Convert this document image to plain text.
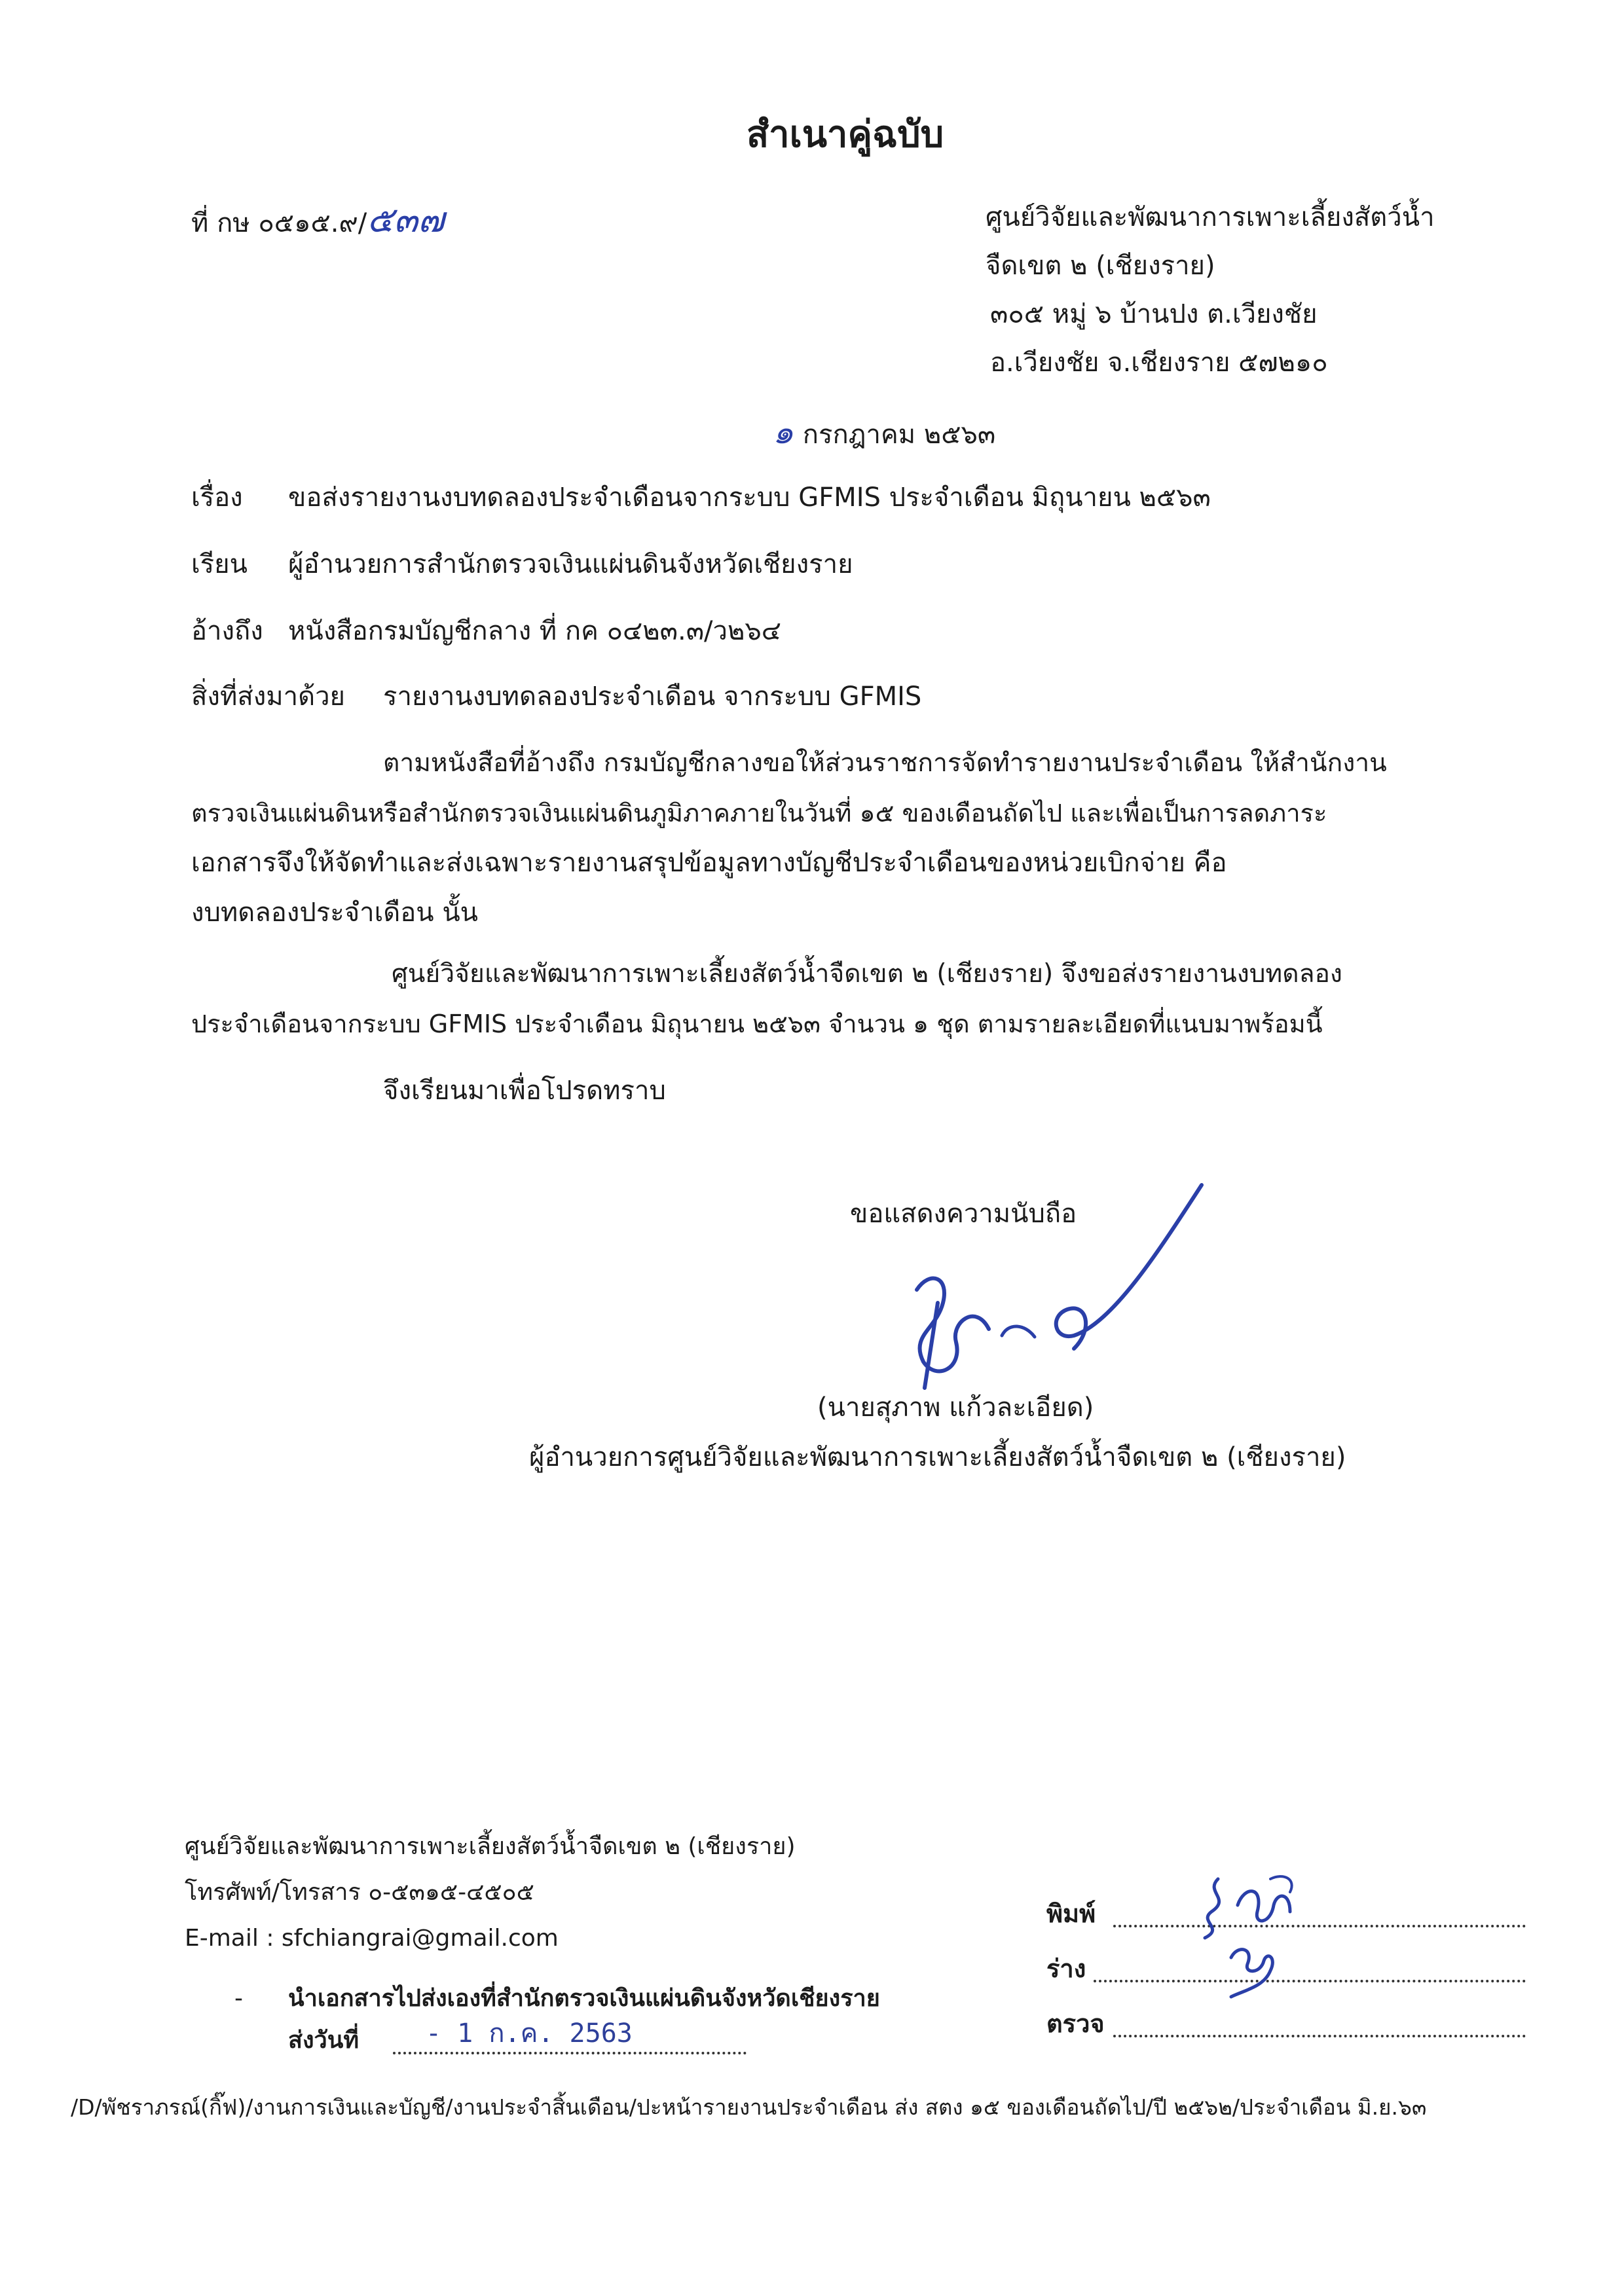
สำเนาคู่ฉบับ
ที่ กษ ๐๕๑๕.๙/๕๓๗	ศูนย์วิจัยและพัฒนาการเพาะเลี้ยงสัตว์น้ำ
จืดเขต ๒ (เชียงราย)
๓๐๕ หมู่ ๖ บ้านปง ต.เวียงชัย
อ.เวียงชัย จ.เชียงราย ๕๗๒๑๐
๑ กรกฎาคม ๒๕๖๓
เรื่อง ขอส่งรายงานงบทดลองประจำเดือนจากระบบ GFMIS ประจำเดือน มิถุนายน ๒๕๖๓
เรียน ผู้อำนวยการสำนักตรวจเงินแผ่นดินจังหวัดเชียงราย
อ้างถึง หนังสือกรมบัญชีกลาง ที่ กค ๐๔๒๓.๓/ว๒๖๔
สิ่งที่ส่งมาด้วย รายงานงบทดลองประจำเดือน จากระบบ GFMIS
ตามหนังสือที่อ้างถึง กรมบัญชีกลางขอให้ส่วนราชการจัดทำรายงานประจำเดือน ให้สำนักงาน
ตรวจเงินแผ่นดินหรือสำนักตรวจเงินแผ่นดินภูมิภาคภายในวันที่ ๑๕ ของเดือนถัดไป และเพื่อเป็นการลดภาระ
เอกสารจึงให้จัดทำและส่งเฉพาะรายงานสรุปข้อมูลทางบัญชีประจำเดือนของหน่วยเบิกจ่าย คือ
งบทดลองประจำเดือน นั้น
ศูนย์วิจัยและพัฒนาการเพาะเลี้ยงสัตว์น้ำจืดเขต ๒ (เชียงราย) จึงขอส่งรายงานงบทดลอง
ประจำเดือนจากระบบ GFMIS ประจำเดือน มิถุนายน ๒๕๖๓ จำนวน ๑ ชุด ตามรายละเอียดที่แนบมาพร้อมนี้
จึงเรียนมาเพื่อโปรดทราบ
ขอแสดงความนับถือ
(นายสุภาพ แก้วละเอียด)
ผู้อำนวยการศูนย์วิจัยและพัฒนาการเพาะเลี้ยงสัตว์น้ำจืดเขต ๒ (เชียงราย)
ศูนย์วิจัยและพัฒนาการเพาะเลี้ยงสัตว์น้ำจืดเขต ๒ (เชียงราย)
โทรศัพท์/โทรสาร ๐-๕๓๑๕-๔๕๐๕
E-mail : sfchiangrai@gmail.com
- นำเอกสารไปส่งเองที่สำนักตรวจเงินแผ่นดินจังหวัดเชียงราย
ส่งวันที่	- 1 ก.ค. 2563
พิมพ์
ร่าง
ตรวจ
/D/พัชราภรณ์(กิ๊ฟ)/งานการเงินและบัญชี/งานประจำสิ้นเดือน/ปะหน้ารายงานประจำเดือน ส่ง สตง ๑๕ ของเดือนถัดไป/ปี ๒๕๖๒/ประจำเดือน มิ.ย.๖๓
